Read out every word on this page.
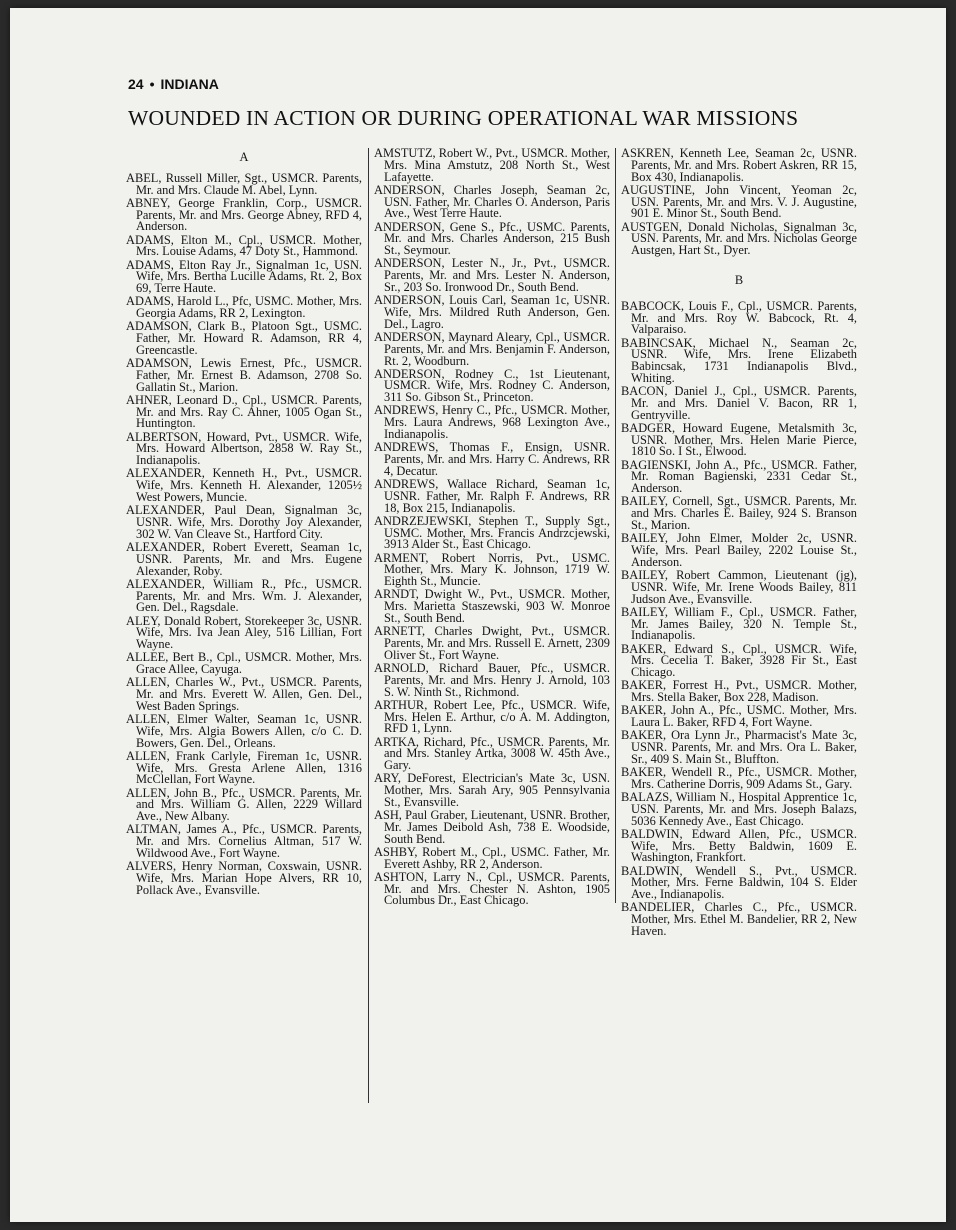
24 • INDIANA
WOUNDED IN ACTION OR DURING OPERATIONAL WAR MISSIONS
A

ABEL, Russell Miller, Sgt., USMCR. Parents, Mr. and Mrs. Claude M. Abel, Lynn.

ABNEY, George Franklin, Corp., USMCR. Parents, Mr. and Mrs. George Abney, RFD 4, Anderson.

ADAMS, Elton M., Cpl., USMCR. Mother, Mrs. Louise Adams, 47 Doty St., Hammond.

ADAMS, Elton Ray Jr., Signalman 1c, USN. Wife, Mrs. Bertha Lucille Adams, Rt. 2, Box 69, Terre Haute.

ADAMS, Harold L., Pfc, USMC. Mother, Mrs. Georgia Adams, RR 2, Lexington.

ADAMSON, Clark B., Platoon Sgt., USMC. Father, Mr. Howard R. Adamson, RR 4, Greencastle.

ADAMSON, Lewis Ernest, Pfc., USMCR. Father, Mr. Ernest B. Adamson, 2708 So. Gallatin St., Marion.

AHNER, Leonard D., Cpl., USMCR. Parents, Mr. and Mrs. Ray C. Ahner, 1005 Ogan St., Huntington.

ALBERTSON, Howard, Pvt., USMCR. Wife, Mrs. Howard Albertson, 2858 W. Ray St., Indianapolis.

ALEXANDER, Kenneth H., Pvt., USMCR. Wife, Mrs. Kenneth H. Alexander, 1205½ West Powers, Muncie.

ALEXANDER, Paul Dean, Signalman 3c, USNR. Wife, Mrs. Dorothy Joy Alexander, 302 W. Van Cleave St., Hartford City.

ALEXANDER, Robert Everett, Seaman 1c, USNR. Parents, Mr. and Mrs. Eugene Alexander, Roby.

ALEXANDER, William R., Pfc., USMCR. Parents, Mr. and Mrs. Wm. J. Alexander, Gen. Del., Ragsdale.

ALEY, Donald Robert, Storekeeper 3c, USNR. Wife, Mrs. Iva Jean Aley, 516 Lillian, Fort Wayne.

ALLEE, Bert B., Cpl., USMCR. Mother, Mrs. Grace Allee, Cayuga.

ALLEN, Charles W., Pvt., USMCR. Parents, Mr. and Mrs. Everett W. Allen, Gen. Del., West Baden Springs.

ALLEN, Elmer Walter, Seaman 1c, USNR. Wife, Mrs. Algia Bowers Allen, c/o C. D. Bowers, Gen. Del., Orleans.

ALLEN, Frank Carlyle, Fireman 1c, USNR. Wife, Mrs. Gresta Arlene Allen, 1316 McClellan, Fort Wayne.

ALLEN, John B., Pfc., USMCR. Parents, Mr. and Mrs. William G. Allen, 2229 Willard Ave., New Albany.

ALTMAN, James A., Pfc., USMCR. Parents, Mr. and Mrs. Cornelius Altman, 517 W. Wildwood Ave., Fort Wayne.

ALVERS, Henry Norman, Coxswain, USNR. Wife, Mrs. Marian Hope Alvers, RR 10, Pollack Ave., Evansville.

AMSTUTZ, Robert W., Pvt., USMCR. Mother, Mrs. Mina Amstutz, 208 North St., West Lafayette.

ANDERSON, Charles Joseph, Seaman 2c, USN. Father, Mr. Charles O. Anderson, Paris Ave., West Terre Haute.

ANDERSON, Gene S., Pfc., USMC. Parents, Mr. and Mrs. Charles Anderson, 215 Bush St., Seymour.

ANDERSON, Lester N., Jr., Pvt., USMCR. Parents, Mr. and Mrs. Lester N. Anderson, Sr., 203 So. Ironwood Dr., South Bend.

ANDERSON, Louis Carl, Seaman 1c, USNR. Wife, Mrs. Mildred Ruth Anderson, Gen. Del., Lagro.

ANDERSON, Maynard Aleary, Cpl., USMCR. Parents, Mr. and Mrs. Benjamin F. Anderson, Rt. 2, Woodburn.

ANDERSON, Rodney C., 1st Lieutenant, USMCR. Wife, Mrs. Rodney C. Anderson, 311 So. Gibson St., Princeton.

ANDREWS, Henry C., Pfc., USMCR. Mother, Mrs. Laura Andrews, 968 Lexington Ave., Indianapolis.

ANDREWS, Thomas F., Ensign, USNR. Parents, Mr. and Mrs. Harry C. Andrews, RR 4, Decatur.

ANDREWS, Wallace Richard, Seaman 1c, USNR. Father, Mr. Ralph F. Andrews, RR 18, Box 215, Indianapolis.

ANDRZEJEWSKI, Stephen T., Supply Sgt., USMC. Mother, Mrs. Francis Andrzcjewski, 3913 Alder St., East Chicago.

ARMENT, Robert Norris, Pvt., USMC. Mother, Mrs. Mary K. Johnson, 1719 W. Eighth St., Muncie.

ARNDT, Dwight W., Pvt., USMCR. Mother, Mrs. Marietta Staszewski, 903 W. Monroe St., South Bend.

ARNETT, Charles Dwight, Pvt., USMCR. Parents, Mr. and Mrs. Russell E. Arnett, 2309 Oliver St., Fort Wayne.

ARNOLD, Richard Bauer, Pfc., USMCR. Parents, Mr. and Mrs. Henry J. Arnold, 103 S. W. Ninth St., Richmond.

ARTHUR, Robert Lee, Pfc., USMCR. Wife, Mrs. Helen E. Arthur, c/o A. M. Addington, RFD 1, Lynn.

ARTKA, Richard, Pfc., USMCR. Parents, Mr. and Mrs. Stanley Artka, 3008 W. 45th Ave., Gary.

ARY, DeForest, Electrician's Mate 3c, USN. Mother, Mrs. Sarah Ary, 905 Pennsylvania St., Evansville.

ASH, Paul Graber, Lieutenant, USNR. Brother, Mr. James Deibold Ash, 738 E. Woodside, South Bend.

ASHBY, Robert M., Cpl., USMC. Father, Mr. Everett Ashby, RR 2, Anderson.

ASHTON, Larry N., Cpl., USMCR. Parents, Mr. and Mrs. Chester N. Ashton, 1905 Columbus Dr., East Chicago.

ASKREN, Kenneth Lee, Seaman 2c, USNR. Parents, Mr. and Mrs. Robert Askren, RR 15, Box 430, Indianapolis.

AUGUSTINE, John Vincent, Yeoman 2c, USN. Parents, Mr. and Mrs. V. J. Augustine, 901 E. Minor St., South Bend.

AUSTGEN, Donald Nicholas, Signalman 3c, USN. Parents, Mr. and Mrs. Nicholas George Austgen, Hart St., Dyer.

B

BABCOCK, Louis F., Cpl., USMCR. Parents, Mr. and Mrs. Roy W. Babcock, Rt. 4, Valparaiso.

BABINCSAK, Michael N., Seaman 2c, USNR. Wife, Mrs. Irene Elizabeth Babincsak, 1731 Indianapolis Blvd., Whiting.

BACON, Daniel J., Cpl., USMCR. Parents, Mr. and Mrs. Daniel V. Bacon, RR 1, Gentryville.

BADGER, Howard Eugene, Metalsmith 3c, USNR. Mother, Mrs. Helen Marie Pierce, 1810 So. I St., Elwood.

BAGIENSKI, John A., Pfc., USMCR. Father, Mr. Roman Bagienski, 2331 Cedar St., Anderson.

BAILEY, Cornell, Sgt., USMCR. Parents, Mr. and Mrs. Charles E. Bailey, 924 S. Branson St., Marion.

BAILEY, John Elmer, Molder 2c, USNR. Wife, Mrs. Pearl Bailey, 2202 Louise St., Anderson.

BAILEY, Robert Cammon, Lieutenant (jg), USNR. Wife, Mr. Irene Woods Bailey, 811 Judson Ave., Evansville.

BAILEY, William F., Cpl., USMCR. Father, Mr. James Bailey, 320 N. Temple St., Indianapolis.

BAKER, Edward S., Cpl., USMCR. Wife, Mrs. Cecelia T. Baker, 3928 Fir St., East Chicago.

BAKER, Forrest H., Pvt., USMCR. Mother, Mrs. Stella Baker, Box 228, Madison.

BAKER, John A., Pfc., USMC. Mother, Mrs. Laura L. Baker, RFD 4, Fort Wayne.

BAKER, Ora Lynn Jr., Pharmacist's Mate 3c, USNR. Parents, Mr. and Mrs. Ora L. Baker, Sr., 409 S. Main St., Bluffton.

BAKER, Wendell R., Pfc., USMCR. Mother, Mrs. Catherine Dorris, 909 Adams St., Gary.

BALAZS, William N., Hospital Apprentice 1c, USN. Parents, Mr. and Mrs. Joseph Balazs, 5036 Kennedy Ave., East Chicago.

BALDWIN, Edward Allen, Pfc., USMCR. Wife, Mrs. Betty Baldwin, 1609 E. Washington, Frankfort.

BALDWIN, Wendell S., Pvt., USMCR. Mother, Mrs. Ferne Baldwin, 104 S. Elder Ave., Indianapolis.

BANDELIER, Charles C., Pfc., USMCR. Mother, Mrs. Ethel M. Bandelier, RR 2, New Haven.
